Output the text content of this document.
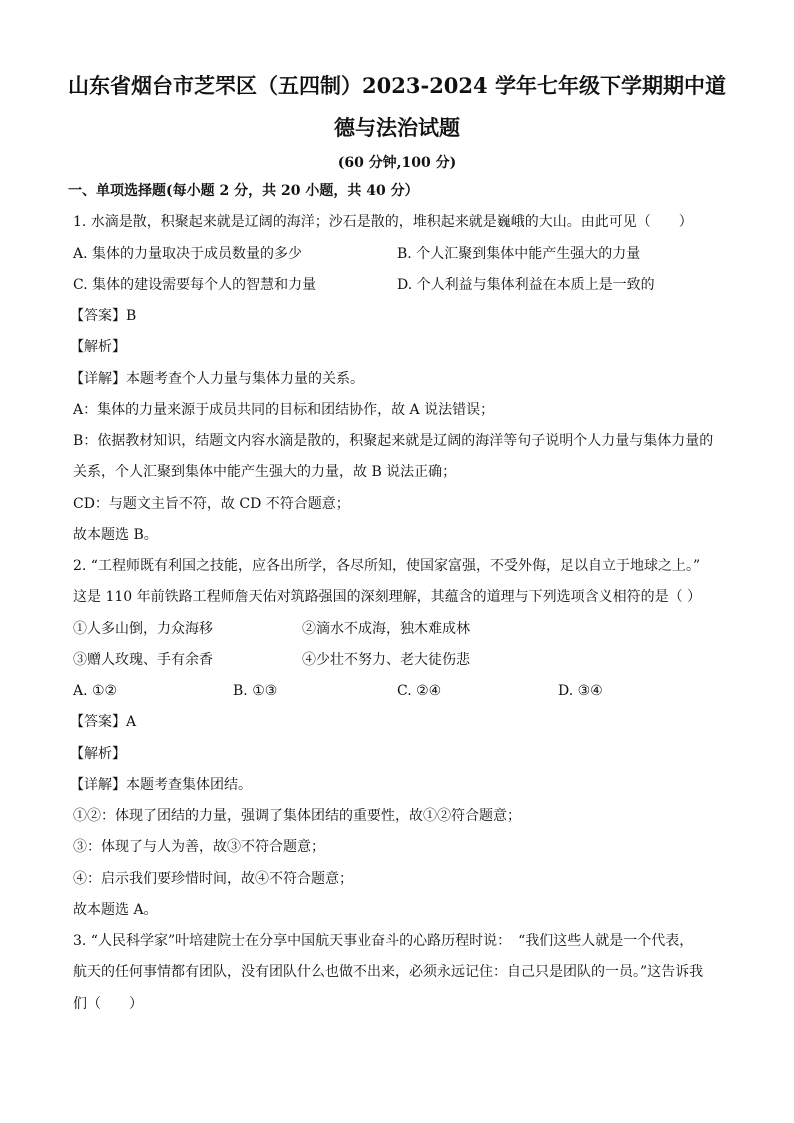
山东省烟台市芝罘区（五四制）2023-2024 学年七年级下学期期中道
德与法治试题
(60 分钟,100 分)
一、单项选择题(每小题 2 分，共 20 小题，共 40 分）
1. 水滴是散，积聚起来就是辽阔的海洋；沙石是散的，堆积起来就是巍峨的大山。由此可见（　　）
A. 集体的力量取决于成员数量的多少	B. 个人汇聚到集体中能产生强大的力量
C. 集体的建设需要每个人的智慧和力量	D. 个人利益与集体利益在本质上是一致的
【答案】B
【解析】
【详解】本题考查个人力量与集体力量的关系。
A：集体的力量来源于成员共同的目标和团结协作，故 A 说法错误；
B：依据教材知识，结题文内容水滴是散的，积聚起来就是辽阔的海洋等句子说明个人力量与集体力量的
关系，个人汇聚到集体中能产生强大的力量，故 B 说法正确；
CD：与题文主旨不符，故 CD 不符合题意；
故本题选 B。
2. “工程师既有利国之技能，应各出所学，各尽所知，使国家富强，不受外侮，足以自立于地球之上。”
这是 110 年前铁路工程师詹天佑对筑路强国的深刻理解，其蕴含的道理与下列选项含义相符的是（ ）
①人多山倒，力众海移	②滴水不成海，独木难成林
③赠人玫瑰、手有余香	④少壮不努力、老大徒伤悲
A. ①②	B. ①③	C. ②④	D. ③④
【答案】A
【解析】
【详解】本题考查集体团结。
①②：体现了团结的力量，强调了集体团结的重要性，故①②符合题意；
③：体现了与人为善，故③不符合题意；
④：启示我们要珍惜时间，故④不符合题意；
故本题选 A。
3. “人民科学家”叶培建院士在分享中国航天事业奋斗的心路历程时说：　“我们这些人就是一个代表，
航天的任何事情都有团队，没有团队什么也做不出来，必须永远记住：自己只是团队的一员。”这告诉我
们（　　）
